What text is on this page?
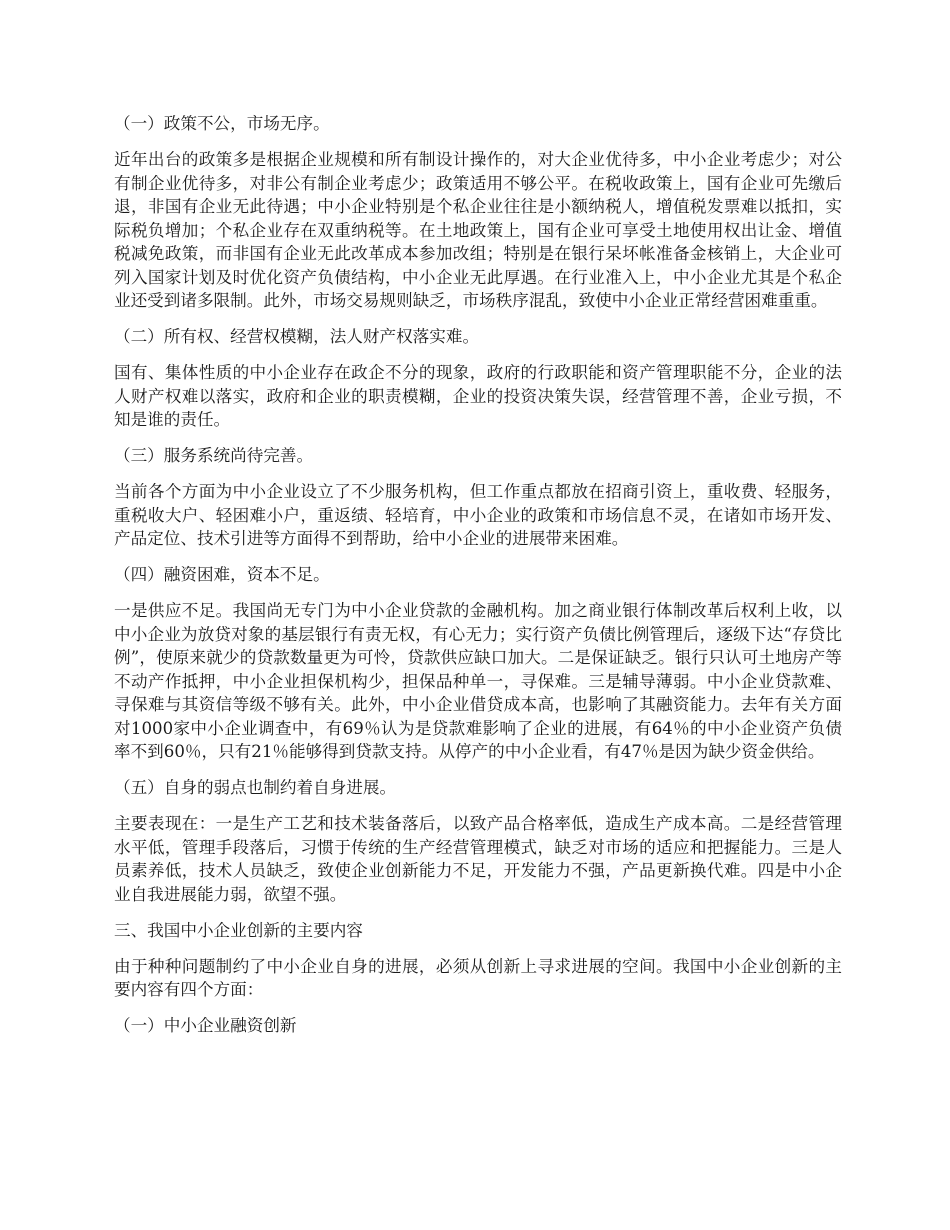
（一）政策不公，市场无序。

近年出台的政策多是根据企业规模和所有制设计操作的，对大企业优待多，中小企业考虑少；对公有制企业优待多，对非公有制企业考虑少；政策适用不够公平。在税收政策上，国有企业可先缴后退，非国有企业无此待遇；中小企业特别是个私企业往往是小额纳税人，增值税发票难以抵扣，实际税负增加；个私企业存在双重纳税等。在土地政策上，国有企业可享受土地使用权出让金、增值税减免政策，而非国有企业无此改革成本参加改组；特别是在银行呆坏帐准备金核销上，大企业可列入国家计划及时优化资产负债结构，中小企业无此厚遇。在行业准入上，中小企业尤其是个私企业还受到诸多限制。此外，市场交易规则缺乏，市场秩序混乱，致使中小企业正常经营困难重重。

（二）所有权、经营权模糊，法人财产权落实难。

国有、集体性质的中小企业存在政企不分的现象，政府的行政职能和资产管理职能不分，企业的法人财产权难以落实，政府和企业的职责模糊，企业的投资决策失误，经营管理不善，企业亏损，不知是谁的责任。

（三）服务系统尚待完善。

当前各个方面为中小企业设立了不少服务机构，但工作重点都放在招商引资上，重收费、轻服务，重税收大户、轻困难小户，重返绩、轻培育，中小企业的政策和市场信息不灵，在诸如市场开发、产品定位、技术引进等方面得不到帮助，给中小企业的进展带来困难。

（四）融资困难，资本不足。

一是供应不足。我国尚无专门为中小企业贷款的金融机构。加之商业银行体制改革后权利上收，以中小企业为放贷对象的基层银行有责无权，有心无力；实行资产负债比例管理后，逐级下达“存贷比例”，使原来就少的贷款数量更为可怜，贷款供应缺口加大。二是保证缺乏。银行只认可土地房产等不动产作抵押，中小企业担保机构少，担保品种单一，寻保难。三是辅导薄弱。中小企业贷款难、寻保难与其资信等级不够有关。此外，中小企业借贷成本高，也影响了其融资能力。去年有关方面对1000家中小企业调查中，有69％认为是贷款难影响了企业的进展，有64％的中小企业资产负债率不到60％，只有21％能够得到贷款支持。从停产的中小企业看，有47％是因为缺少资金供给。

（五）自身的弱点也制约着自身进展。

主要表现在：一是生产工艺和技术装备落后，以致产品合格率低，造成生产成本高。二是经营管理水平低，管理手段落后，习惯于传统的生产经营管理模式，缺乏对市场的适应和把握能力。三是人员素养低，技术人员缺乏，致使企业创新能力不足，开发能力不强，产品更新换代难。四是中小企业自我进展能力弱，欲望不强。

三、我国中小企业创新的主要内容

由于种种问题制约了中小企业自身的进展，必须从创新上寻求进展的空间。我国中小企业创新的主要内容有四个方面：

（一）中小企业融资创新
